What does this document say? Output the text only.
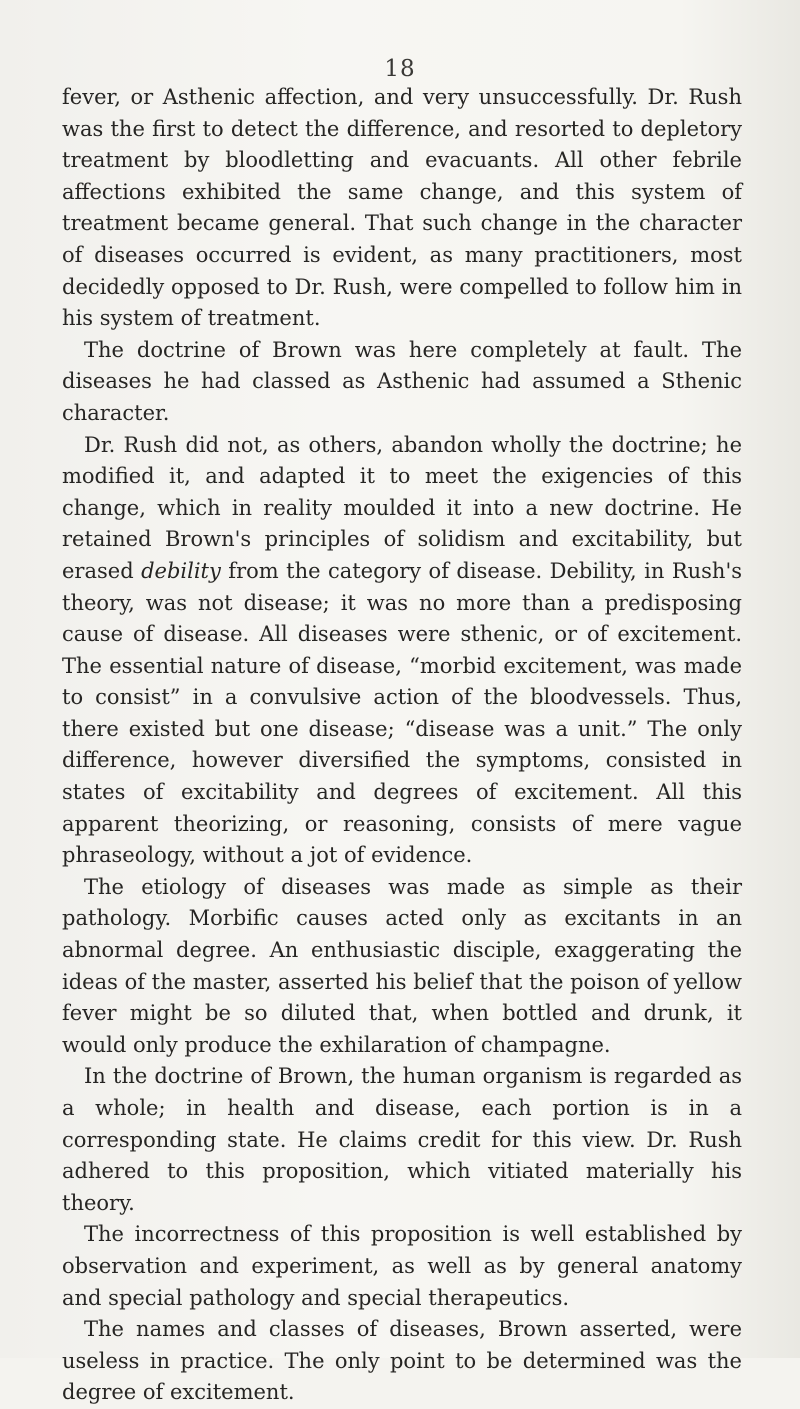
18

fever, or Asthenic affection, and very unsuccessfully. Dr. Rush was the first to detect the difference, and resorted to depletory treatment by bloodletting and evacuants. All other febrile affections exhibited the same change, and this system of treatment became general. That such change in the character of diseases occurred is evident, as many practitioners, most decidedly opposed to Dr. Rush, were compelled to follow him in his system of treatment.

The doctrine of Brown was here completely at fault. The diseases he had classed as Asthenic had assumed a Sthenic character.

Dr. Rush did not, as others, abandon wholly the doctrine; he modified it, and adapted it to meet the exigencies of this change, which in reality moulded it into a new doctrine. He retained Brown's principles of solidism and excitability, but erased debility from the category of disease. Debility, in Rush's theory, was not disease; it was no more than a predisposing cause of disease. All diseases were sthenic, or of excitement. The essential nature of disease, “morbid excitement, was made to consist” in a convulsive action of the bloodvessels. Thus, there existed but one disease; “disease was a unit.” The only difference, however diversified the symptoms, consisted in states of excitability and degrees of excitement. All this apparent theorizing, or reasoning, consists of mere vague phraseology, without a jot of evidence.

The etiology of diseases was made as simple as their pathology. Morbific causes acted only as excitants in an abnormal degree. An enthusiastic disciple, exaggerating the ideas of the master, asserted his belief that the poison of yellow fever might be so diluted that, when bottled and drunk, it would only produce the exhilaration of champagne.

In the doctrine of Brown, the human organism is regarded as a whole; in health and disease, each portion is in a corresponding state. He claims credit for this view. Dr. Rush adhered to this proposition, which vitiated materially his theory.

The incorrectness of this proposition is well established by observation and experiment, as well as by general anatomy and special pathology and special therapeutics.

The names and classes of diseases, Brown asserted, were useless in practice. The only point to be determined was the degree of excitement.
